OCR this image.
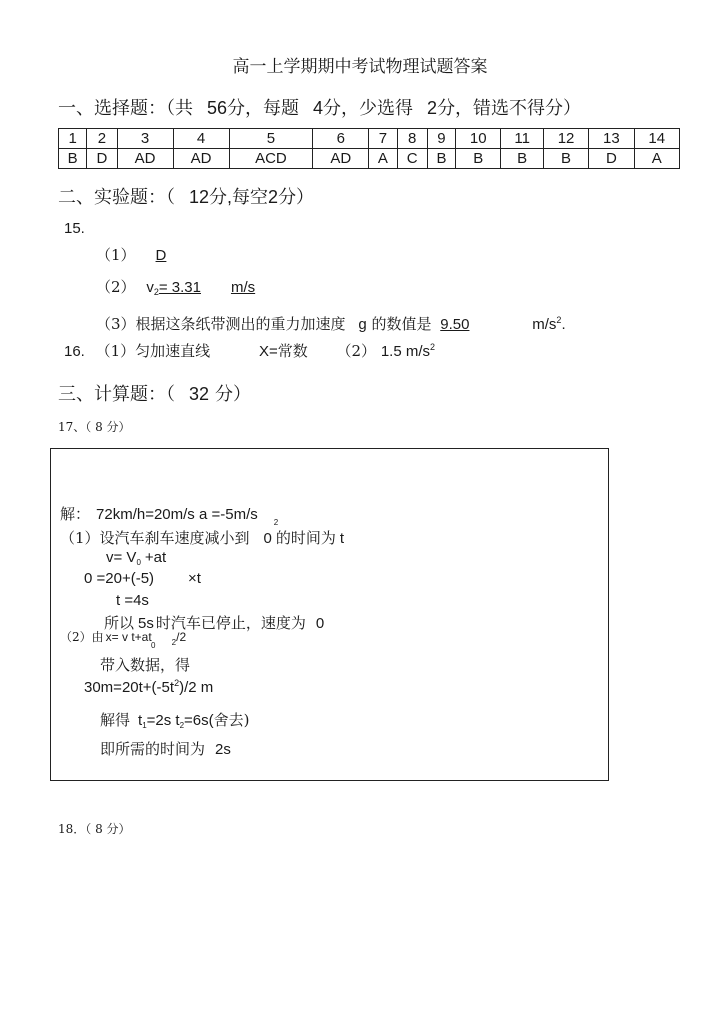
高一上学期期中考试物理试题答案
一、选择题：（共 56分，每题 4分，少选得 2分，错选不得分）
1	2	3	4	5	6	7	8	9	10	11	12	13	14
B	D	AD	AD	ACD	AD	A	C	B	B	B	B	D	A
二、实验题：（ 12分,每空2分）
15.
（1） D
（2） $v_2= 3.31$ m/s
（3）根据这条纸带测出的重力加速度 g 的数值是 9.50	$m/s^2$.
16. （1）匀加速直线	X=常数 （2） 1.5 $m/s^2$
三、计算题：（ 32 分）
17、（ 8 分）
解： 72km/h=20m/s a =-5m/s $_2$
（1）设汽车刹车速度减小到 0 的时间为 t
$v= V_0 +at$
0 =20+(-5) ×t
t =4s
所以 5s 时汽车已停止，速度为 0
（2）由 x= v t+at	$_2$/2
0
带入数据，得
$30m=20t+(-5t^2)/2$ m
解得 $t_1=2s$ $t_2=6s$(舍去)
即所需的时间为 2s
18．（ 8 分）
